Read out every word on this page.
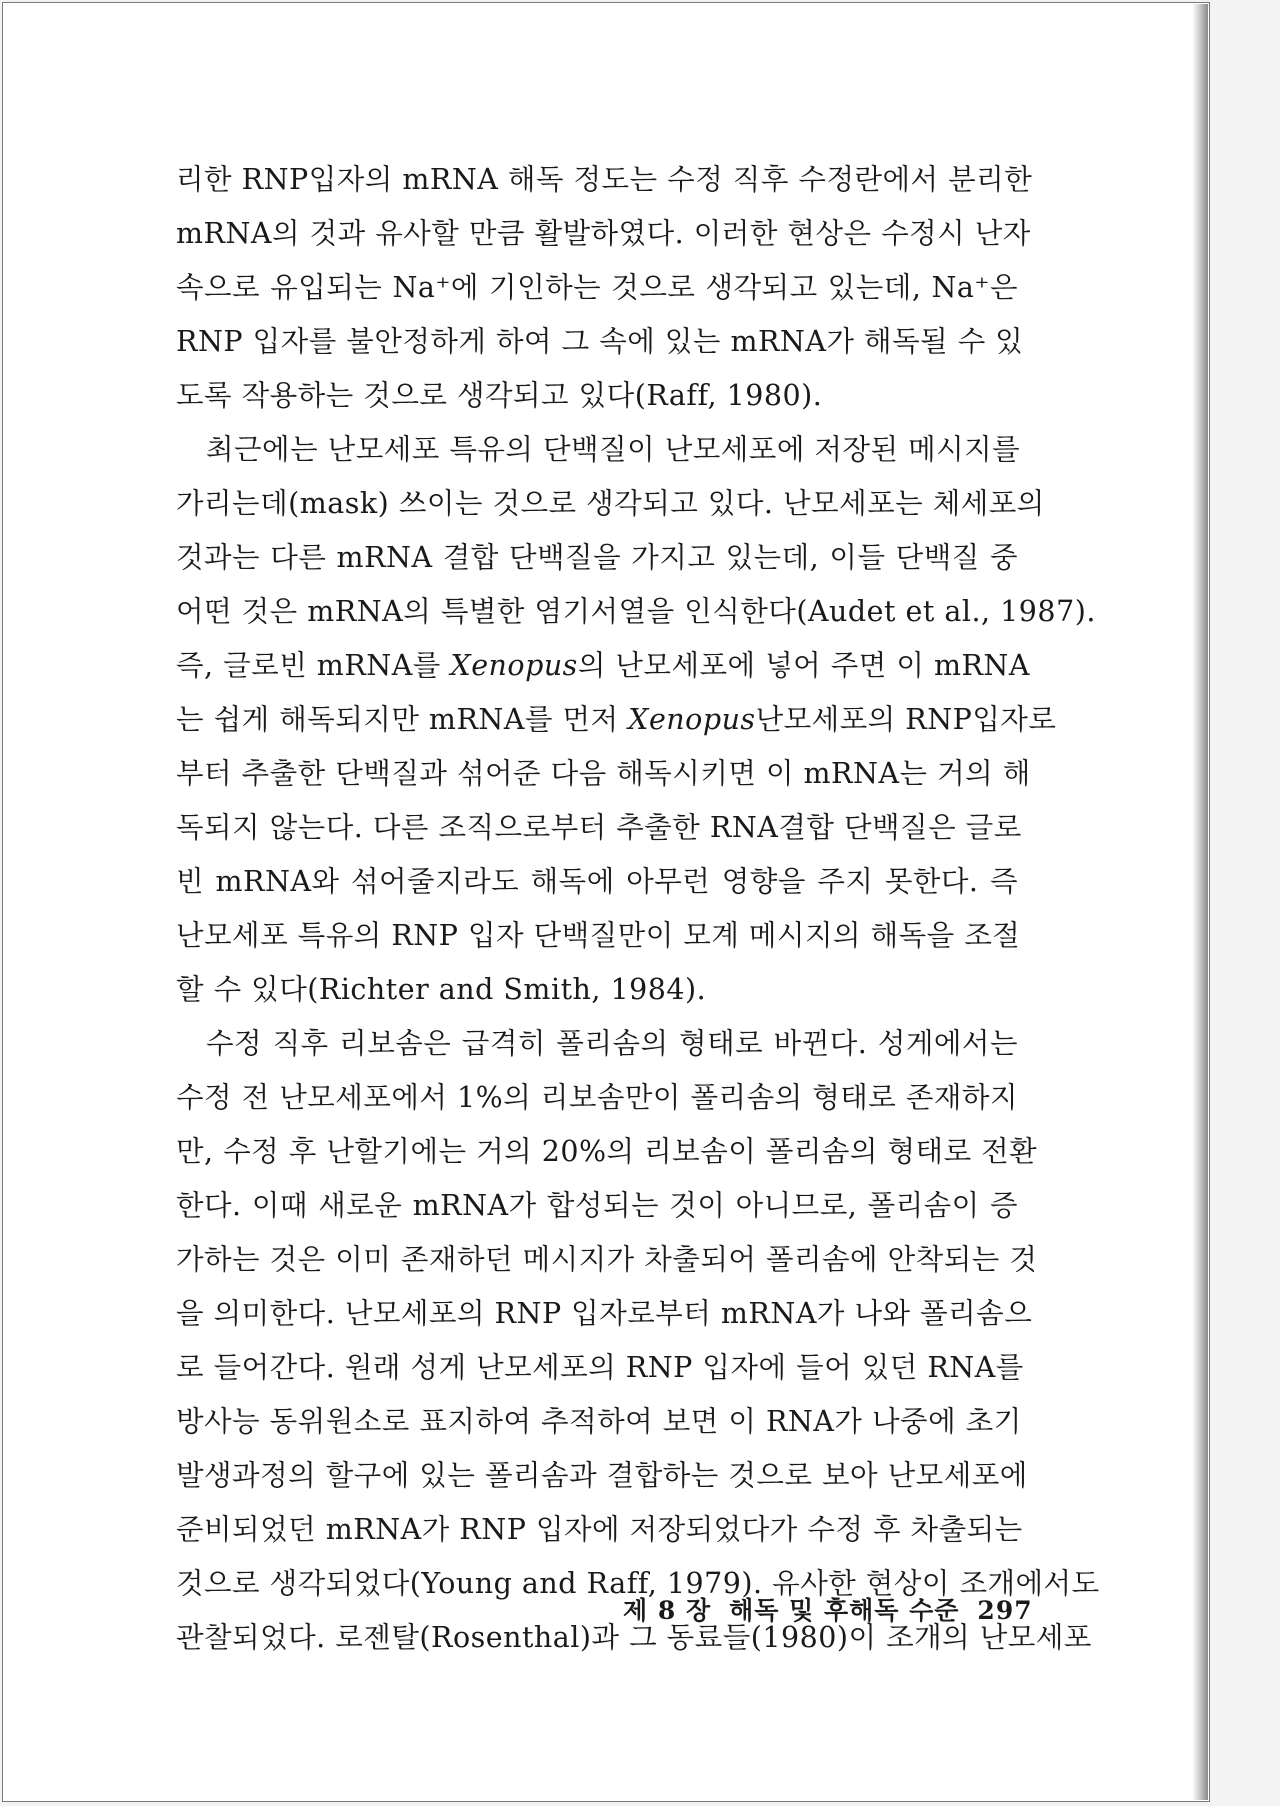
리한 RNP입자의 mRNA 해독 정도는 수정 직후 수정란에서 분리한
mRNA의 것과 유사할 만큼 활발하였다. 이러한 현상은 수정시 난자
속으로 유입되는 Na⁺에 기인하는 것으로 생각되고 있는데, Na⁺은
RNP 입자를 불안정하게 하여 그 속에 있는 mRNA가 해독될 수 있
도록 작용하는 것으로 생각되고 있다(Raff, 1980).
최근에는 난모세포 특유의 단백질이 난모세포에 저장된 메시지를
가리는데(mask) 쓰이는 것으로 생각되고 있다. 난모세포는 체세포의
것과는 다른 mRNA 결합 단백질을 가지고 있는데, 이들 단백질 중
어떤 것은 mRNA의 특별한 염기서열을 인식한다(Audet et al., 1987).
즉, 글로빈 mRNA를 Xenopus의 난모세포에 넣어 주면 이 mRNA
는 쉽게 해독되지만 mRNA를 먼저 Xenopus난모세포의 RNP입자로
부터 추출한 단백질과 섞어준 다음 해독시키면 이 mRNA는 거의 해
독되지 않는다. 다른 조직으로부터 추출한 RNA결합 단백질은 글로
빈 mRNA와 섞어줄지라도 해독에 아무런 영향을 주지 못한다. 즉
난모세포 특유의 RNP 입자 단백질만이 모계 메시지의 해독을 조절
할 수 있다(Richter and Smith, 1984).
수정 직후 리보솜은 급격히 폴리솜의 형태로 바뀐다. 성게에서는
수정 전 난모세포에서 1%의 리보솜만이 폴리솜의 형태로 존재하지
만, 수정 후 난할기에는 거의 20%의 리보솜이 폴리솜의 형태로 전환
한다. 이때 새로운 mRNA가 합성되는 것이 아니므로, 폴리솜이 증
가하는 것은 이미 존재하던 메시지가 차출되어 폴리솜에 안착되는 것
을 의미한다. 난모세포의 RNP 입자로부터 mRNA가 나와 폴리솜으
로 들어간다. 원래 성게 난모세포의 RNP 입자에 들어 있던 RNA를
방사능 동위원소로 표지하여 추적하여 보면 이 RNA가 나중에 초기
발생과정의 할구에 있는 폴리솜과 결합하는 것으로 보아 난모세포에
준비되었던 mRNA가 RNP 입자에 저장되었다가 수정 후 차출되는
것으로 생각되었다(Young and Raff, 1979). 유사한 현상이 조개에서도
관찰되었다. 로젠탈(Rosenthal)과 그 동료들(1980)이 조개의 난모세포
제 8 장 해독 및 후해독 수준 297
